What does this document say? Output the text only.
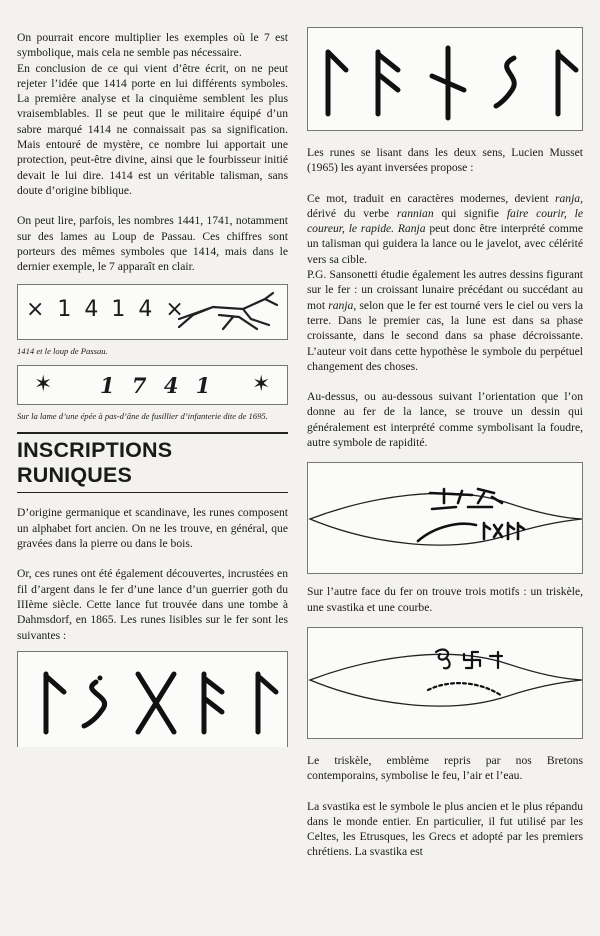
On pourrait encore multiplier les exemples où le 7 est symbolique, mais cela ne semble pas nécessaire.

En conclusion de ce qui vient d’être écrit, on ne peut rejeter l’idée que 1414 porte en lui différents symboles. La première analyse et la cinquième semblent les plus vraisemblables. Il se peut que le militaire équipé d’un sabre marqué 1414 ne connaissait pas sa signification. Mais entouré de mystère, ce nombre lui apportait une protection, peut-être divine, ainsi que le fourbisseur initié devait le lui dire. 1414 est un véritable talisman, sans doute d’origine biblique.

On peut lire, parfois, les nombres 1441, 1741, notamment sur des lames au Loup de Passau. Ces chiffres sont porteurs des mêmes symboles que 1414, mais dans le dernier exemple, le 7 apparaît en clair.

× 1 4 1 4 ×

1414 et le loup de Passau.

✶ 1 7 4 1 ✶

Sur la lame d’une épée à pas-d’âne de fusillier d’infanterie dite de 1695.

INSCRIPTIONS
RUNIQUES

D’origine germanique et scandinave, les runes composent un alphabet fort ancien. On ne les trouve, en général, que gravées dans la pierre ou dans le bois.

Or, ces runes ont été également découvertes, incrustées en fil d’argent dans le fer d’une lance d’un guerrier goth du IIIème siècle. Cette lance fut trouvée dans une tombe à Dahmsdorf, en 1865. Les runes lisibles sur le fer sont les suivantes :

Les runes se lisant dans les deux sens, Lucien Musset (1965) les ayant inversées propose :

Ce mot, traduit en caractères modernes, devient ranja, dérivé du verbe rannian qui signifie faire courir, le coureur, le rapide. Ranja peut donc être interprété comme un talisman qui guidera la lance ou le javelot, avec célérité vers sa cible.

P.G. Sansonetti étudie également les autres dessins figurant sur le fer : un croissant lunaire précédant ou succédant au mot ranja, selon que le fer est tourné vers le ciel ou vers la terre. Dans le premier cas, la lune est dans sa phase croissante, dans le second dans sa phase décroissante. L’auteur voit dans cette hypothèse le symbole du perpétuel changement des choses.

Au-dessus, ou au-dessous suivant l’orientation que l’on donne au fer de la lance, se trouve un dessin qui généralement est interprété comme symbolisant la foudre, autre symbole de rapidité.

Sur l’autre face du fer on trouve trois motifs : un triskèle, une svastika et une courbe.

Le triskèle, emblème repris par nos Bretons contemporains, symbolise le feu, l’air et l’eau.

La svastika est le symbole le plus ancien et le plus répandu dans le monde entier. En particulier, il fut utilisé par les Celtes, les Etrusques, les Grecs et adopté par les premiers chrétiens. La svastika est
